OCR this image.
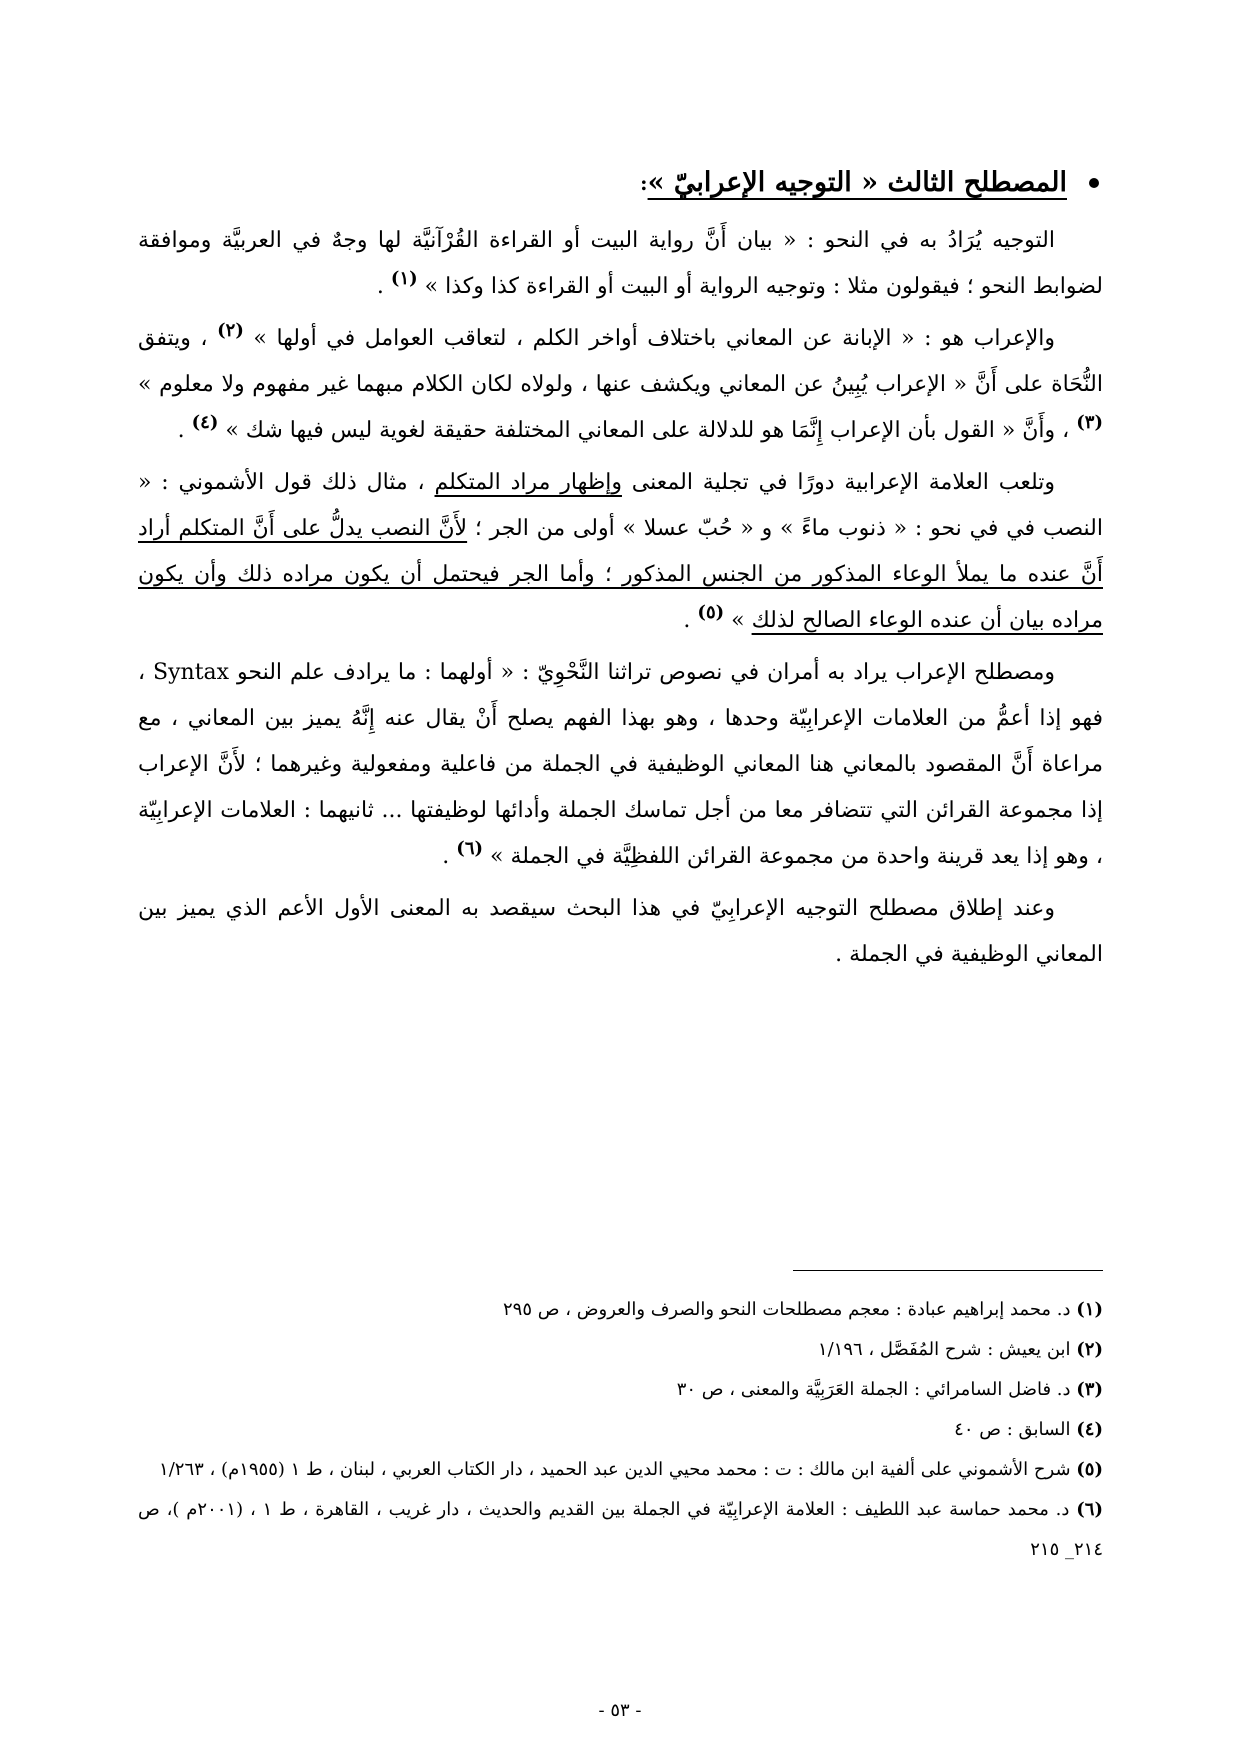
المصطلح الثالث « التوجيه الإعرابيّ »
:

التوجيه يُرَادُ به في النحو : « بيان أَنَّ رواية البيت أو القراءة القُرْآنيَّة لها وجهٌ في العربيَّة وموافقة لضوابط النحو ؛ فيقولون مثلا : وتوجيه الرواية أو البيت أو القراءة كذا وكذا » $^{(١)}$ .

والإعراب هو : « الإبانة عن المعاني باختلاف أواخر الكلم ، لتعاقب العوامل في أولها » $^{(٢)}$ ، ويتفق النُّحَاة على أَنَّ « الإعراب يُبِينُ عن المعاني ويكشف عنها ، ولولاه لكان الكلام مبهما غير مفهوم ولا معلوم » $^{(٣)}$ ، وأَنَّ « القول بأن الإعراب إِنَّمَا هو للدلالة على المعاني المختلفة حقيقة لغوية ليس فيها شك » $^{(٤)}$ .

وتلعب العلامة الإعرابية دورًا في تجلية المعنى وإظهار مراد المتكلم ، مثال ذلك قول الأشموني : « النصب في في نحو : « ذنوب ماءً » و « حُبّ عسلا » أولى من الجر ؛ لأَنَّ النصب يدلُّ على أَنَّ المتكلم أراد أَنَّ عنده ما يملأ الوعاء المذكور من الجنس المذكور ؛ وأما الجر فيحتمل أن يكون مراده ذلك وأن يكون مراده بيان أن عنده الوعاء الصالح لذلك » $^{(٥)}$ .

ومصطلح الإعراب يراد به أمران في نصوص تراثنا النَّحْوِيّ : « أولهما : ما يرادف علم النحو Syntax ، فهو إذا أعمُّ من العلامات الإعرابِيّة وحدها ، وهو بهذا الفهم يصلح أَنْ يقال عنه إِنَّهُ يميز بين المعاني ، مع مراعاة أَنَّ المقصود بالمعاني هنا المعاني الوظيفية في الجملة من فاعلية ومفعولية وغيرهما ؛ لأَنَّ الإعراب إذا مجموعة القرائن التي تتضافر معا من أجل تماسك الجملة وأدائها لوظيفتها ... ثانيهما : العلامات الإعرابِيّة ، وهو إذا يعد قرينة واحدة من مجموعة القرائن اللفظِيَّة في الجملة » $^{(٦)}$ .

وعند إطلاق مصطلح التوجيه الإعرابِيّ في هذا البحث سيقصد به المعنى الأول الأعم الذي يميز بين المعاني الوظيفية في الجملة .

(١) د. محمد إبراهيم عبادة : معجم مصطلحات النحو والصرف والعروض ، ص ٢٩٥

(٢) ابن يعيش : شرح المُفَصَّل ، ١/١٩٦

(٣) د. فاضل السامرائي : الجملة العَرَبِيَّة والمعنى ، ص ٣٠

(٤) السابق : ص ٤٠

(٥) شرح الأشموني على ألفية ابن مالك : ت : محمد محيي الدين عبد الحميد ، دار الكتاب العربي ، لبنان ، ط ١ (١٩٥٥م) ، ١/٢٦٣

(٦) د. محمد حماسة عبد اللطيف : العلامة الإعرابِيّة في الجملة بين القديم والحديث ، دار غريب ، القاهرة ، ط ١ ، (٢٠٠١م )، ص ٢١٤_ ٢١٥

- ٥٣ -
